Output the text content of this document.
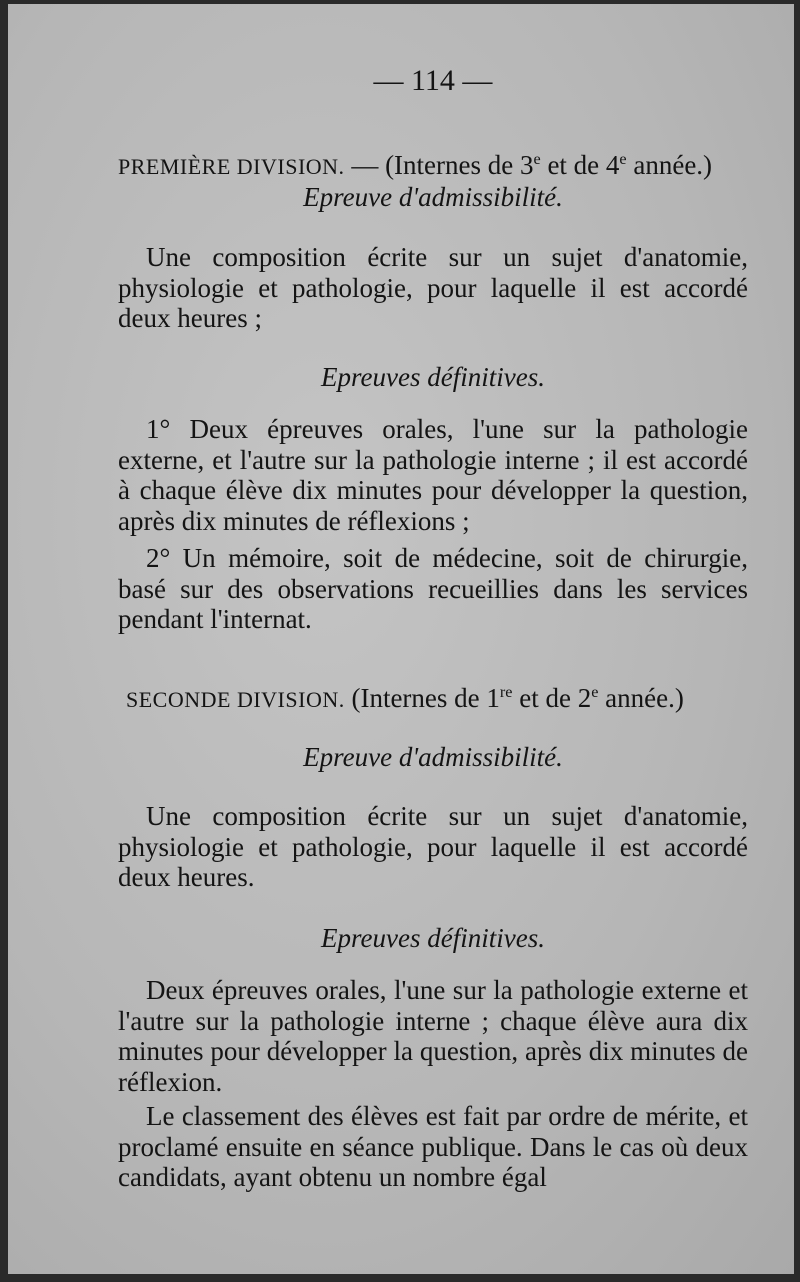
— 114 —
PREMIÈRE DIVISION. — (Internes de 3e et de 4e année.)
Epreuve d'admissibilité.
Une composition écrite sur un sujet d'anatomie, physiologie et pathologie, pour laquelle il est accordé deux heures ;
Epreuves définitives.
1° Deux épreuves orales, l'une sur la pathologie externe, et l'autre sur la pathologie interne ; il est accordé à chaque élève dix minutes pour développer la question, après dix minutes de réflexions ;
2° Un mémoire, soit de médecine, soit de chirurgie, basé sur des observations recueillies dans les services pendant l'internat.
SECONDE DIVISION. (Internes de 1re et de 2e année.)
Epreuve d'admissibilité.
Une composition écrite sur un sujet d'anatomie, physiologie et pathologie, pour laquelle il est accordé deux heures.
Epreuves définitives.
Deux épreuves orales, l'une sur la pathologie externe et l'autre sur la pathologie interne ; chaque élève aura dix minutes pour développer la question, après dix minutes de réflexion.
Le classement des élèves est fait par ordre de mérite, et proclamé ensuite en séance publique. Dans le cas où deux candidats, ayant obtenu un nombre égal
